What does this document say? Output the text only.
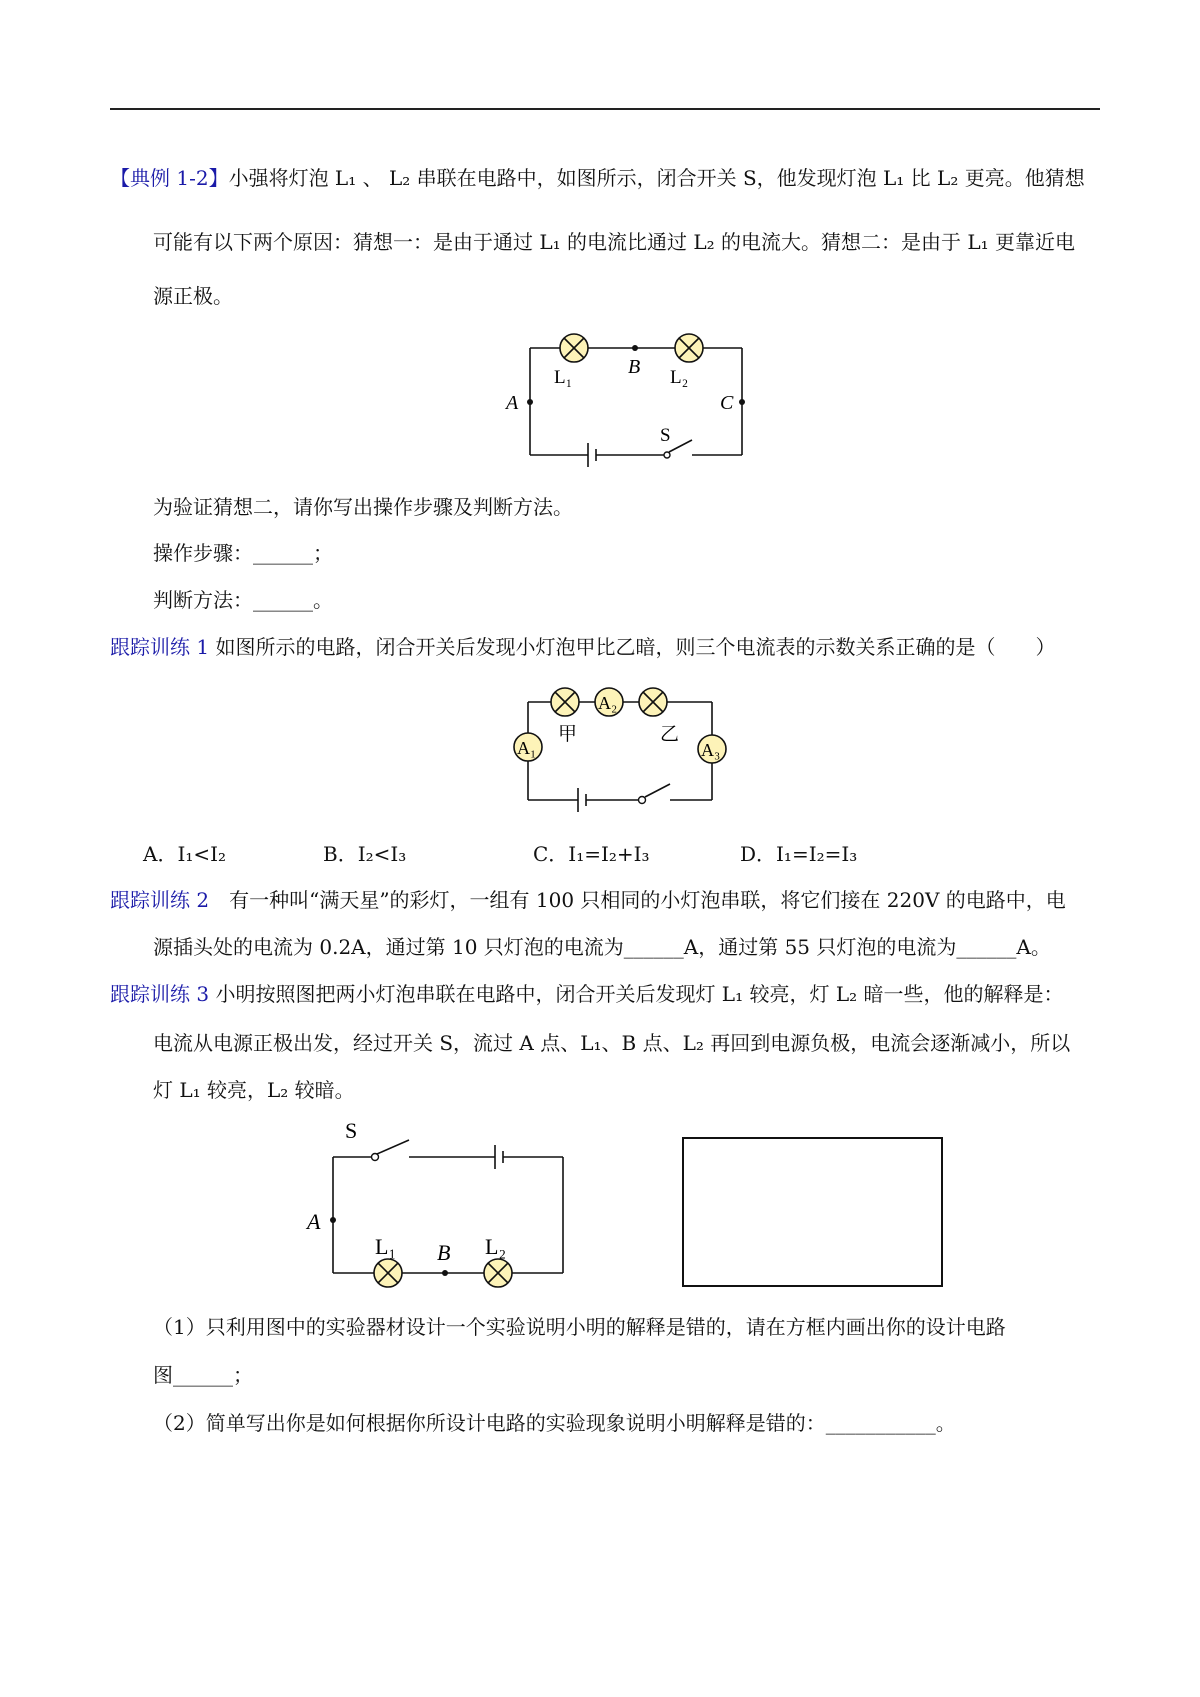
【典例 1-2】小强将灯泡 L₁ 、 L₂ 串联在电路中，如图所示，闭合开关 S，他发现灯泡 L₁ 比 L₂ 更亮。他猜想
可能有以下两个原因：猜想一：是由于通过 L₁ 的电流比通过 L₂ 的电流大。猜想二：是由于 L₁ 更靠近电
源正极。
L₁	B L₂
A	C
S
为验证猜想二，请你写出操作步骤及判断方法。
操作步骤：______；
判断方法：______。
跟踪训练 1 如图所示的电路，闭合开关后发现小灯泡甲比乙暗，则三个电流表的示数关系正确的是（　　）
A₂
A₁	A₃
甲	乙
A．I₁<I₂	B．I₂<I₃	C．I₁=I₂+I₃	D．I₁=I₂=I₃
跟踪训练 2　 有一种叫“满天星”的彩灯，一组有 100 只相同的小灯泡串联，将它们接在 220V 的电路中，电
源插头处的电流为 0.2A，通过第 10 只灯泡的电流为______A，通过第 55 只灯泡的电流为______A。
跟踪训练 3 小明按照图把两小灯泡串联在电路中，闭合开关后发现灯 L₁ 较亮，灯 L₂ 暗一些，他的解释是：
电流从电源正极出发，经过开关 S，流过 A 点、L₁、B 点、L₂ 再回到电源负极，电流会逐渐减小，所以
灯 L₁ 较亮，L₂ 较暗。
S
A
L₁ B L₂
（1）只利用图中的实验器材设计一个实验说明小明的解释是错的，请在方框内画出你的设计电路
图______；
（2）简单写出你是如何根据你所设计电路的实验现象说明小明解释是错的：___________。
